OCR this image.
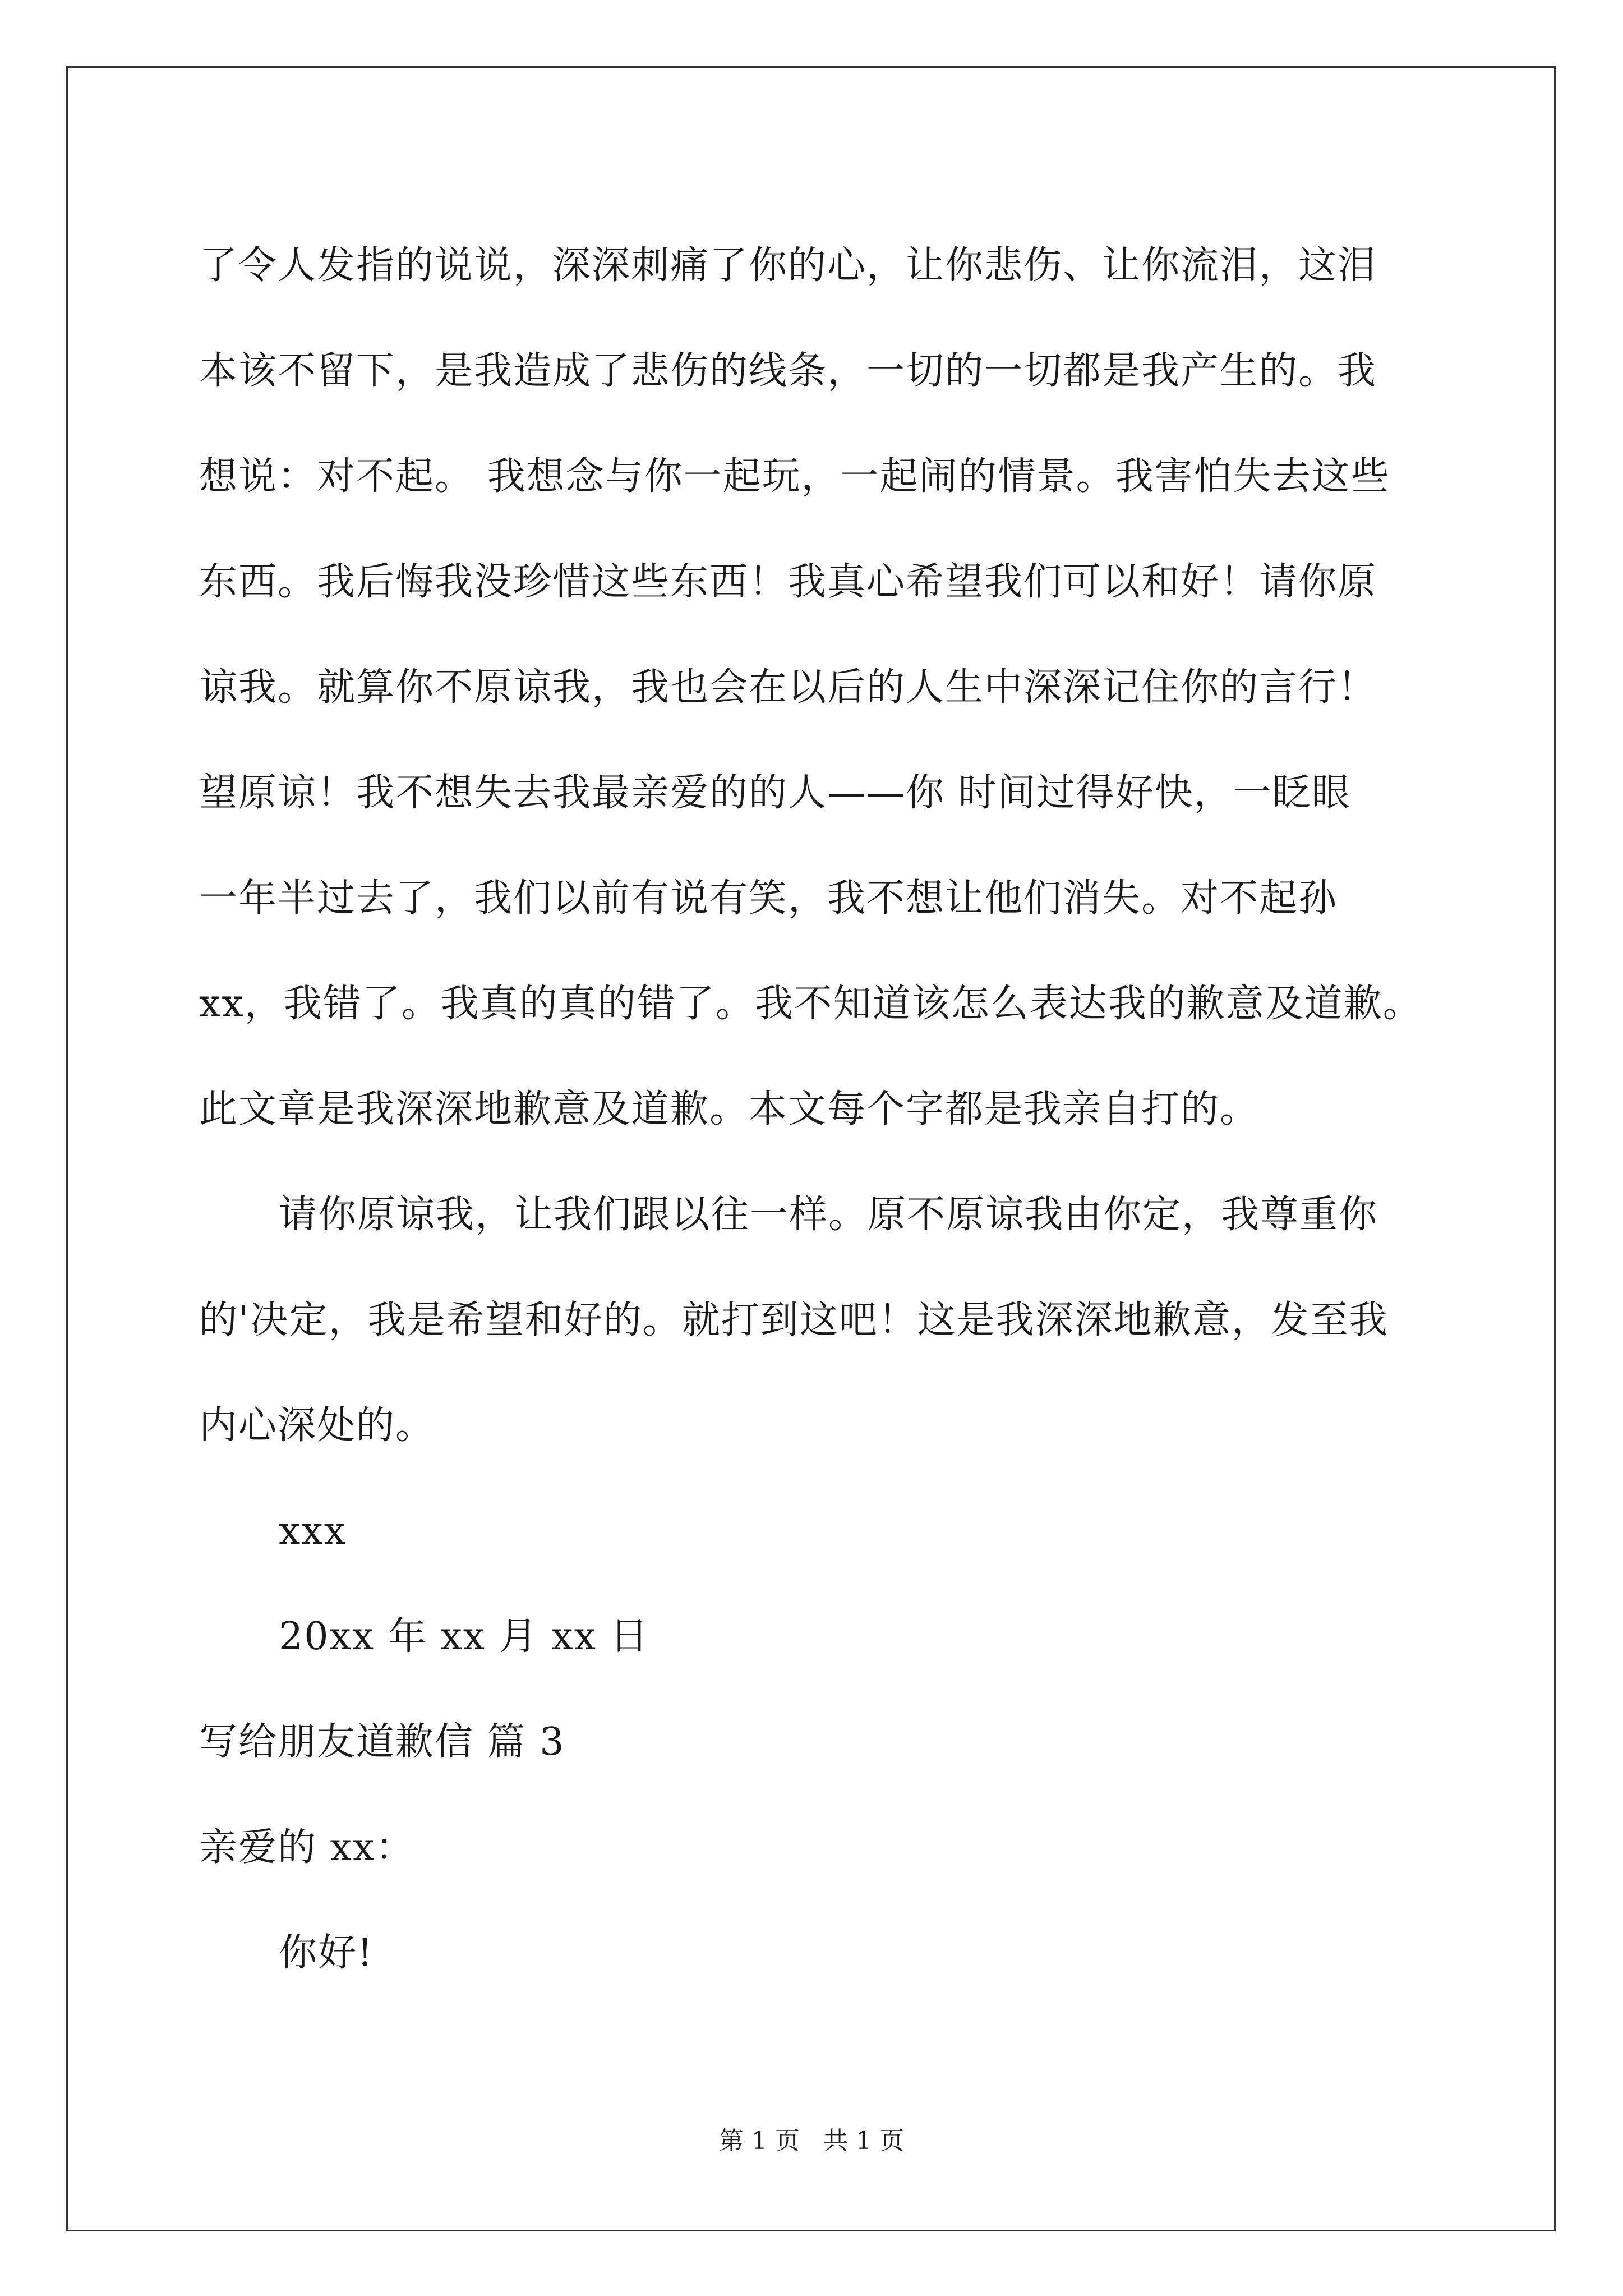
了令人发指的说说，深深刺痛了你的心，让你悲伤、让你流泪，这泪
本该不留下，是我造成了悲伤的线条，一切的一切都是我产生的。我
想说：对不起。 我想念与你一起玩，一起闹的情景。我害怕失去这些
东西。我后悔我没珍惜这些东西！我真心希望我们可以和好！请你原
谅我。就算你不原谅我，我也会在以后的人生中深深记住你的言行！
望原谅！我不想失去我最亲爱的的人——你 时间过得好快，一眨眼
一年半过去了，我们以前有说有笑，我不想让他们消失。对不起孙
xx，我错了。我真的真的错了。我不知道该怎么表达我的歉意及道歉。
此文章是我深深地歉意及道歉。本文每个字都是我亲自打的。
请你原谅我，让我们跟以往一样。原不原谅我由你定，我尊重你
的'决定，我是希望和好的。就打到这吧！这是我深深地歉意，发至我
内心深处的。
xxx
20xx 年 xx 月 xx 日
写给朋友道歉信 篇 3
亲爱的 xx：
你好!
第 1 页 共 1 页
